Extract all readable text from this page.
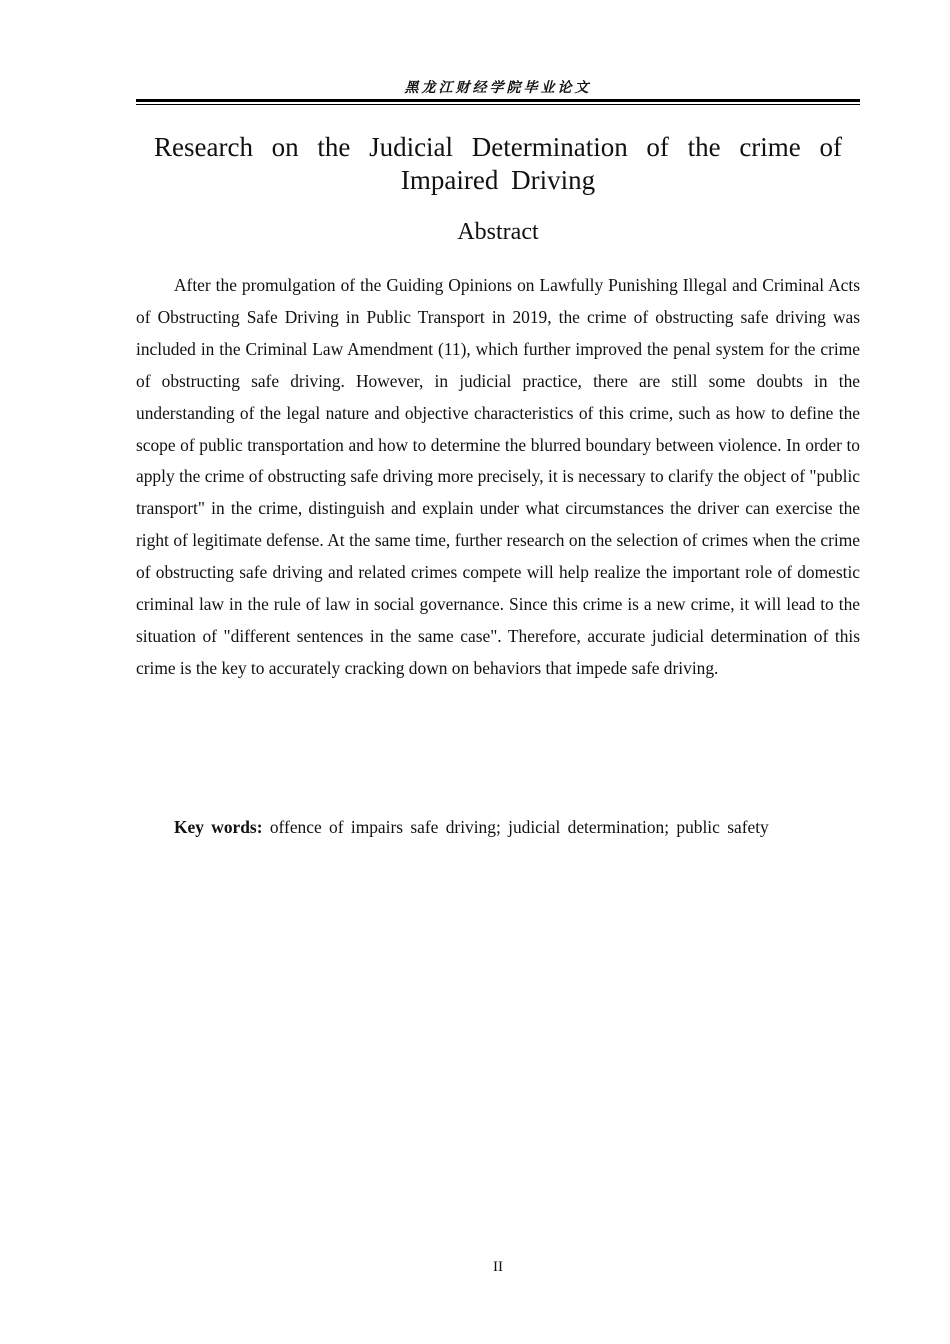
黑龙江财经学院毕业论文
Research on the Judicial Determination of the crime of
Impaired Driving
Abstract

After the promulgation of the Guiding Opinions on Lawfully Punishing Illegal and Criminal Acts of Obstructing Safe Driving in Public Transport in 2019, the crime of obstructing safe driving was included in the Criminal Law Amendment (11), which further improved the penal system for the crime of obstructing safe driving. However, in judicial practice, there are still some doubts in the understanding of the legal nature and objective characteristics of this crime, such as how to define the scope of public transportation and how to determine the blurred boundary between violence. In order to apply the crime of obstructing safe driving more precisely, it is necessary to clarify the object of "public transport" in the crime, distinguish and explain under what circumstances the driver can exercise the right of legitimate defense. At the same time, further research on the selection of crimes when the crime of obstructing safe driving and related crimes compete will help realize the important role of domestic criminal law in the rule of law in social governance. Since this crime is a new crime, it will lead to the situation of "different sentences in the same case". Therefore, accurate judicial determination of this crime is the key to accurately cracking down on behaviors that impede safe driving.

Key words: offence of impairs safe driving; judicial determination; public safety

II
